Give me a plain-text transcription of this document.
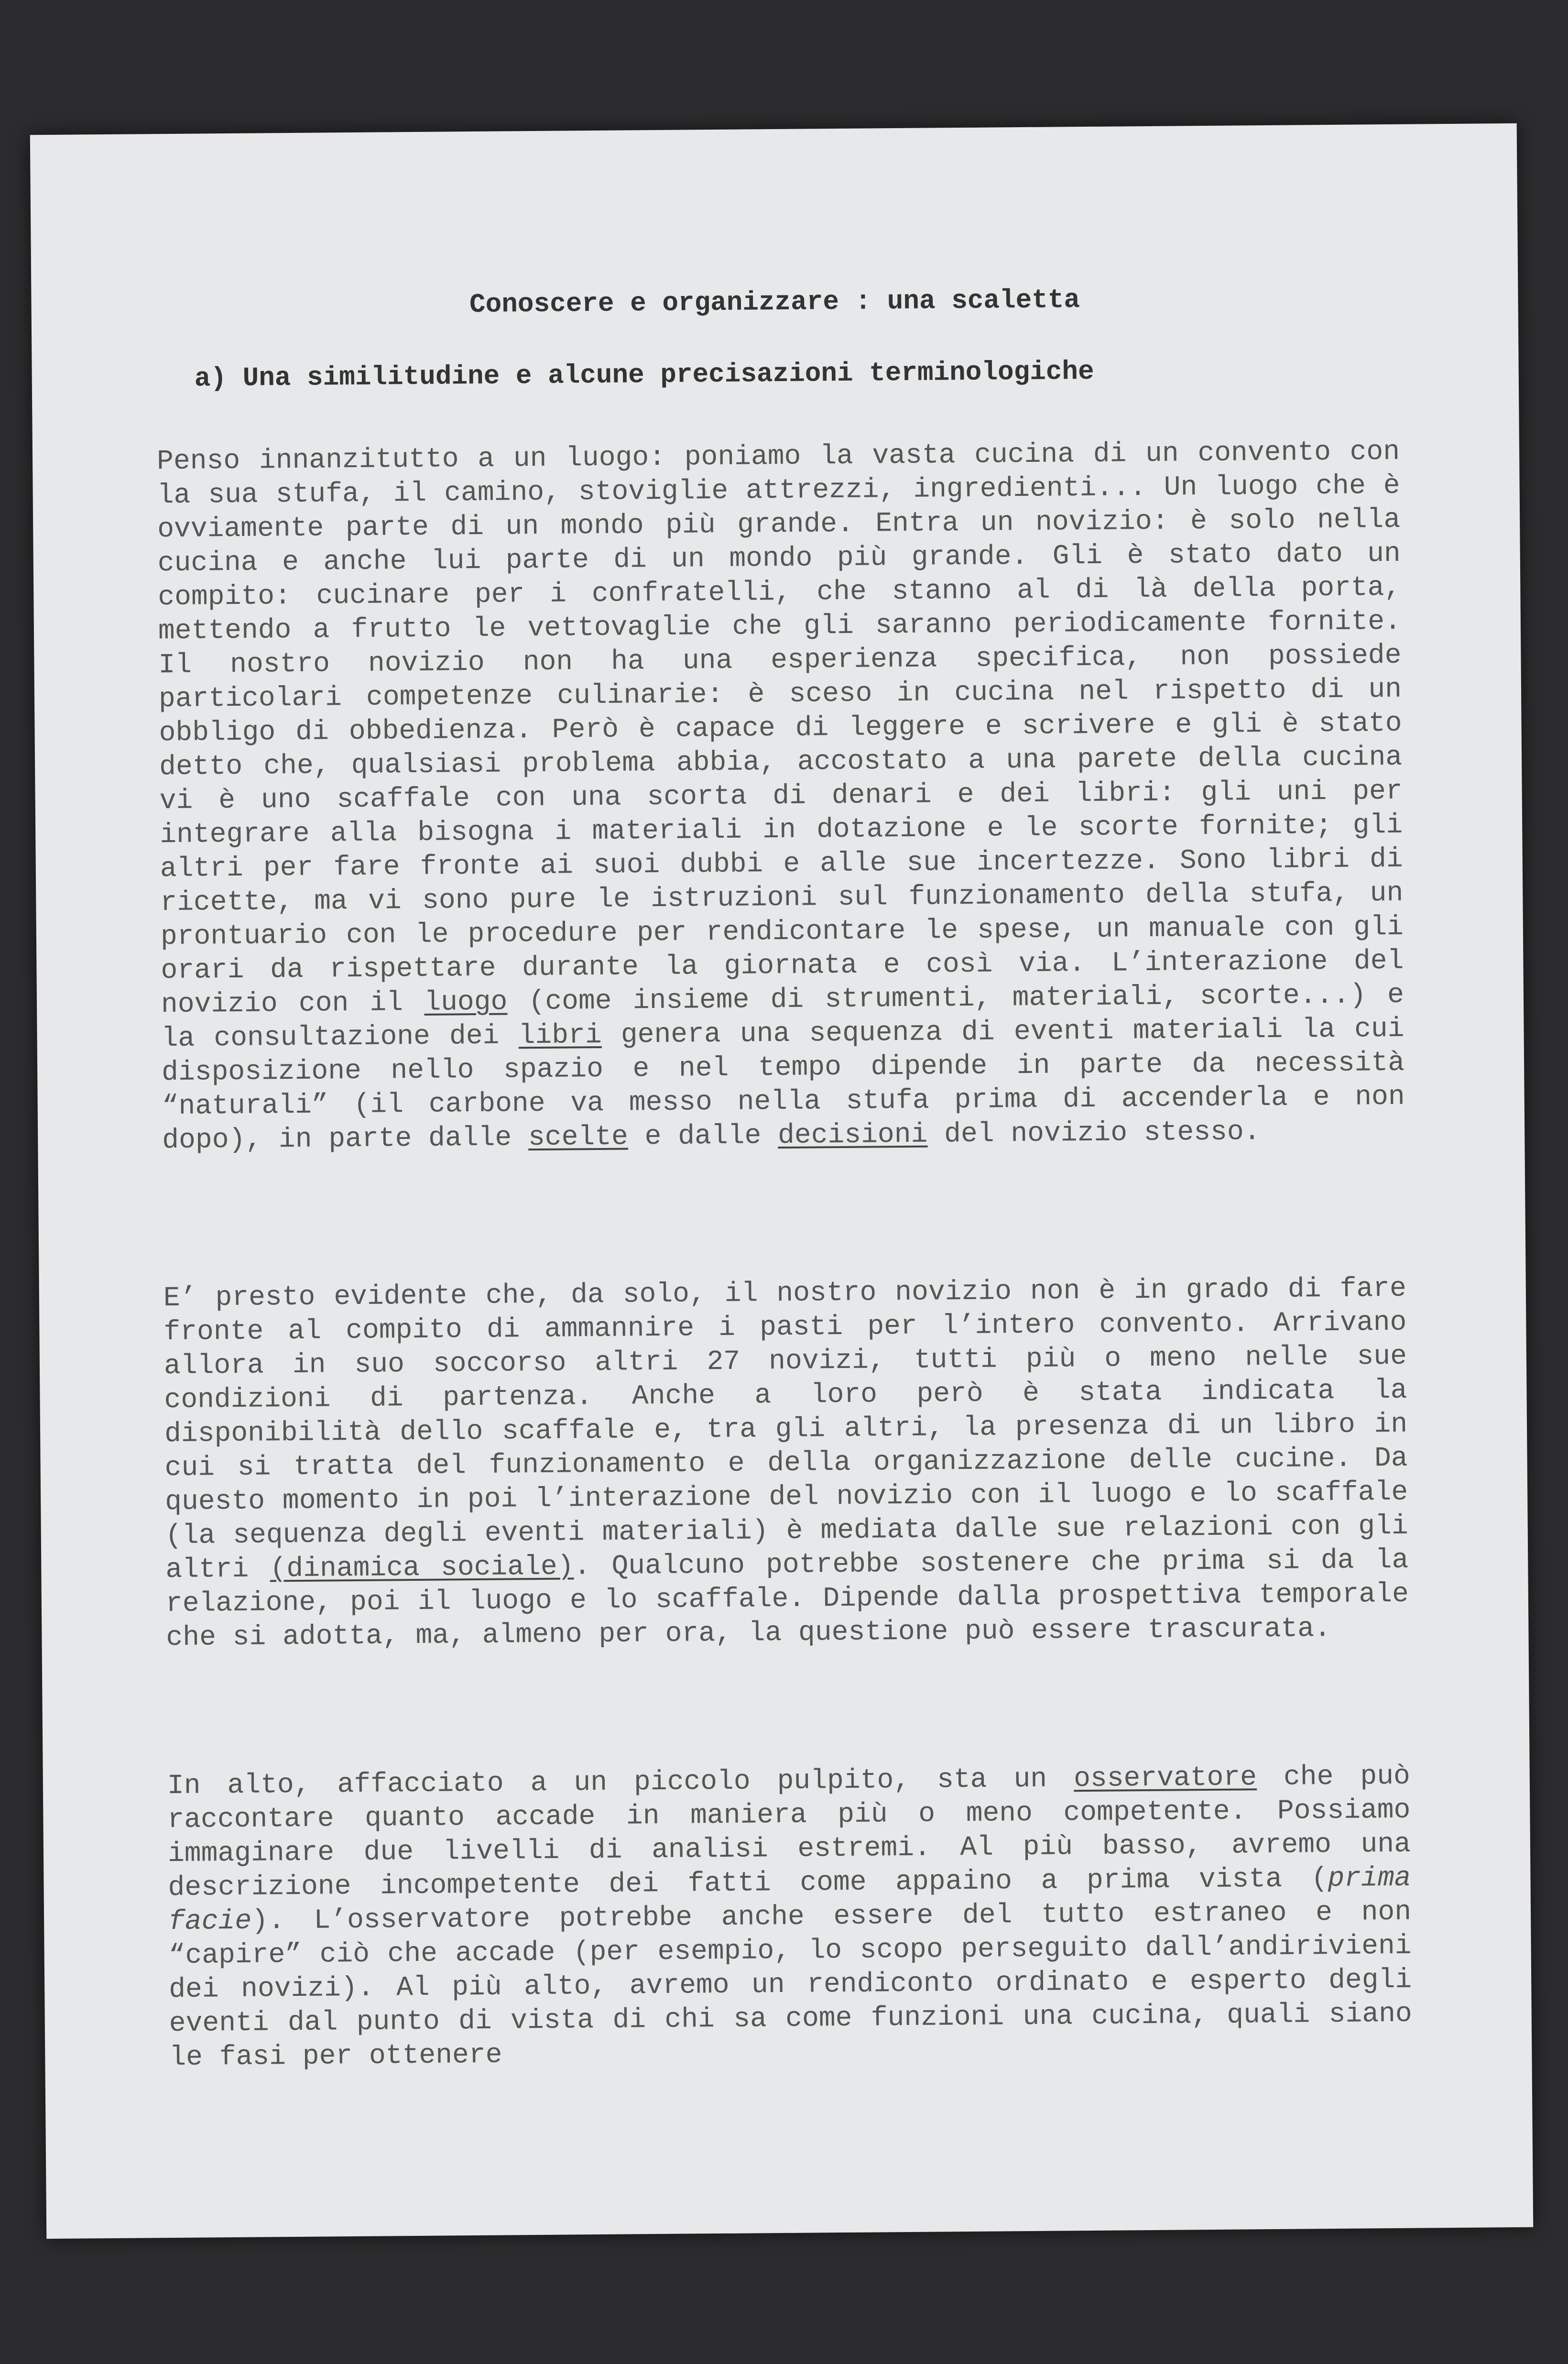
Conoscere e organizzare : una scaletta
a) Una similitudine e alcune precisazioni terminologiche
Penso innanzitutto a un luogo: poniamo la vasta cucina di un convento con la sua stufa, il camino, stoviglie attrezzi, ingredienti... Un luogo che è ovviamente parte di un mondo più grande. Entra un novizio: è solo nella cucina e anche lui parte di un mondo più grande. Gli è stato dato un compito: cucinare per i confratelli, che stanno al di là della porta, mettendo a frutto le vettovaglie che gli saranno periodicamente fornite. Il nostro novizio non ha una esperienza specifica, non possiede particolari competenze culinarie: è sceso in cucina nel rispetto di un obbligo di obbedienza. Però è capace di leggere e scrivere e gli è stato detto che, qualsiasi problema abbia, accostato a una parete della cucina vi è uno scaffale con una scorta di denari e dei libri: gli uni per integrare alla bisogna i materiali in dotazione e le scorte fornite; gli altri per fare fronte ai suoi dubbi e alle sue incertezze. Sono libri di ricette, ma vi sono pure le istruzioni sul funzionamento della stufa, un prontuario con le procedure per rendicontare le spese, un manuale con gli orari da rispettare durante la giornata e così via. L’interazione del novizio con il luogo (come insieme di strumenti, materiali, scorte...) e la consultazione dei libri genera una sequenza di eventi materiali la cui disposizione nello spazio e nel tempo dipende in parte da necessità “naturali” (il carbone va messo nella stufa prima di accenderla e non dopo), in parte dalle scelte e dalle decisioni del novizio stesso.
E’ presto evidente che, da solo, il nostro novizio non è in grado di fare fronte al compito di ammannire i pasti per l’intero convento. Arrivano allora in suo soccorso altri 27 novizi, tutti più o meno nelle sue condizioni di partenza. Anche a loro però è stata indicata la disponibilità dello scaffale e, tra gli altri, la presenza di un libro in cui si tratta del funzionamento e della organizzazione delle cucine. Da questo momento in poi l’interazione del novizio con il luogo e lo scaffale (la sequenza degli eventi materiali) è mediata dalle sue relazioni con gli altri (dinamica sociale). Qualcuno potrebbe sostenere che prima si da la relazione, poi il luogo e lo scaffale. Dipende dalla prospettiva temporale che si adotta, ma, almeno per ora, la questione può essere trascurata.
In alto, affacciato a un piccolo pulpito, sta un osservatore che può raccontare quanto accade in maniera più o meno competente. Possiamo immaginare due livelli di analisi estremi. Al più basso, avremo una descrizione incompetente dei fatti come appaino a prima vista (prima facie). L’osservatore potrebbe anche essere del tutto estraneo e non “capire” ciò che accade (per esempio, lo scopo perseguito dall’andirivieni dei novizi). Al più alto, avremo un rendiconto ordinato e esperto degli eventi dal punto di vista di chi sa come funzioni una cucina, quali siano le fasi per ottenere
